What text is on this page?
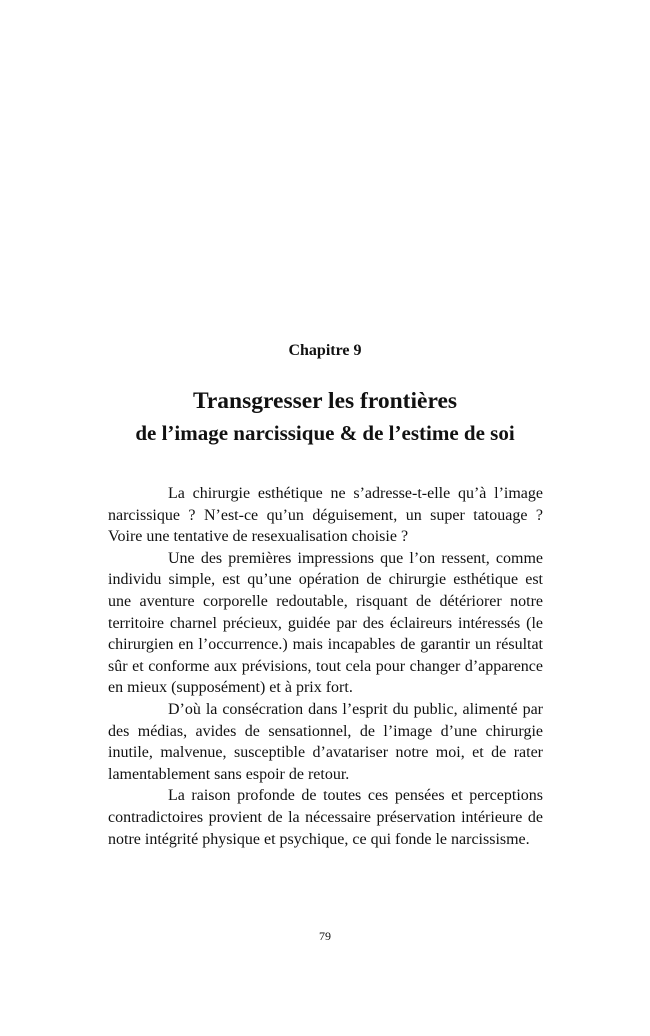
Chapitre 9
Transgresser les frontières
de l’image narcissique & de l’estime de soi

La chirurgie esthétique ne s’adresse-t-elle qu’à l’image narcissique ? N’est-ce qu’un déguisement, un super tatouage ? Voire une tentative de resexualisation choisie ?

Une des premières impressions que l’on ressent, comme individu simple, est qu’une opération de chirurgie esthétique est une aventure corporelle redoutable, risquant de détériorer notre territoire charnel précieux, guidée par des éclaireurs intéressés (le chirurgien en l’occurrence.) mais incapables de garantir un résultat sûr et conforme aux prévisions, tout cela pour changer d’apparence en mieux (supposément) et à prix fort.

D’où la consécration dans l’esprit du public, alimenté par des médias, avides de sensationnel, de l’image d’une chirurgie inutile, malvenue, susceptible d’avatariser notre moi, et de rater lamentablement sans espoir de retour.

La raison profonde de toutes ces pensées et perceptions contradictoires provient de la nécessaire préservation intérieure de notre intégrité physique et psychique, ce qui fonde le narcissisme.

79
